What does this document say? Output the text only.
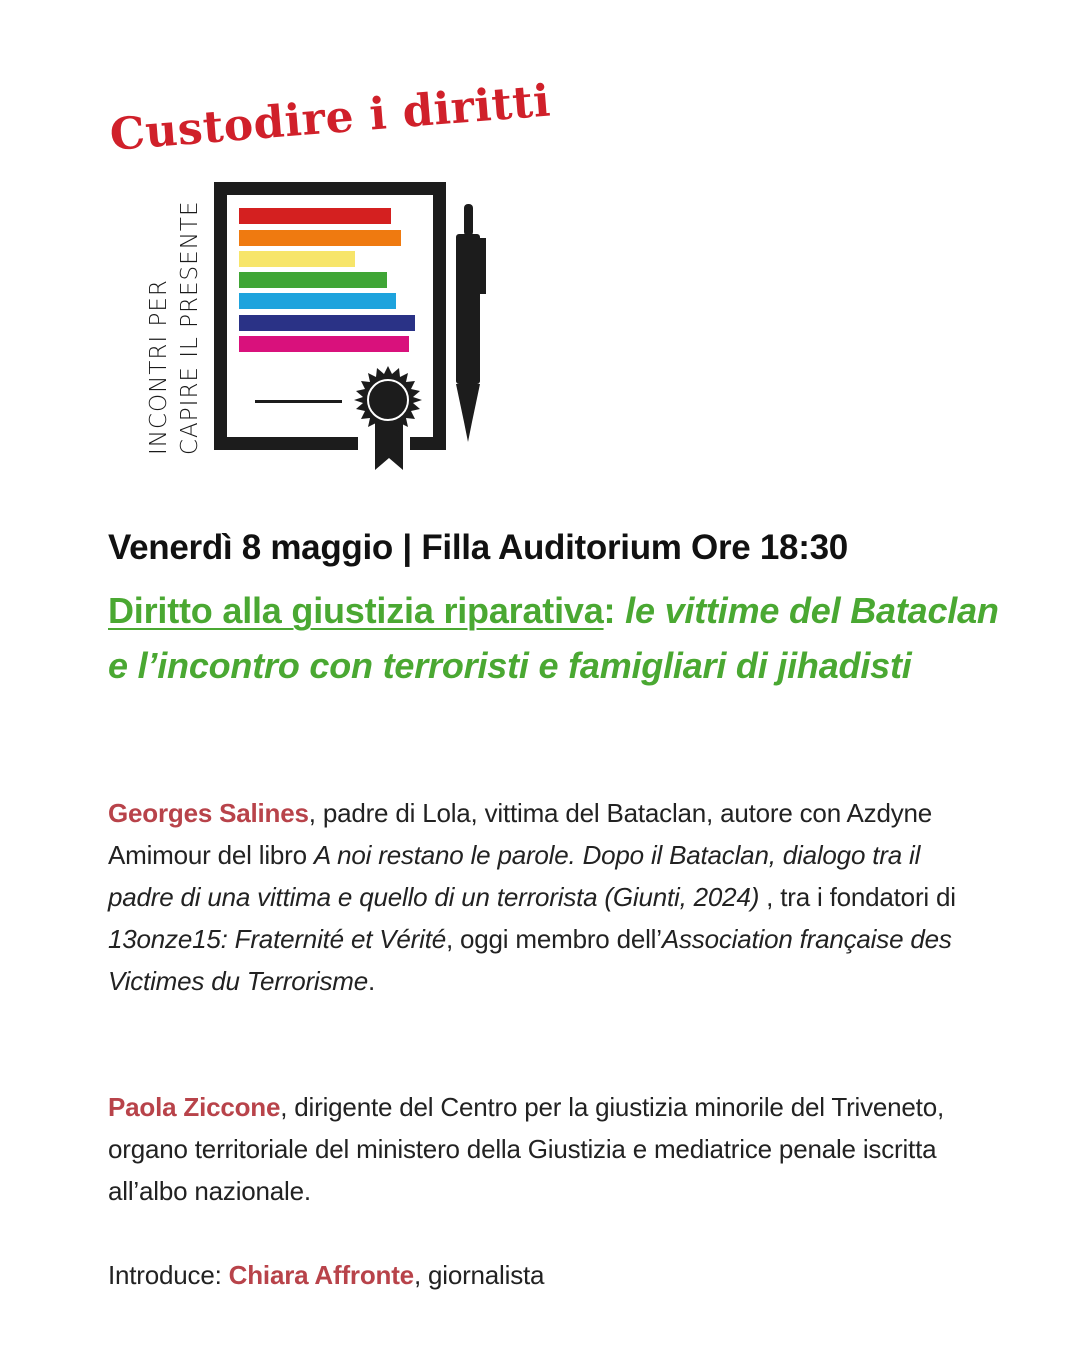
Custodire i diritti
INCONTRI PER CAPIRE IL PRESENTE
Venerdì 8 maggio | Filla Auditorium Ore 18:30
Diritto alla giustizia riparativa: le vittime del Bataclan e l’incontro con terroristi e famigliari di jihadisti
Georges Salines, padre di Lola, vittima del Bataclan, autore con Azdyne Amimour del libro A noi restano le parole. Dopo il Bataclan, dialogo tra il padre di una vittima e quello di un terrorista (Giunti, 2024) , tra i fondatori di 13onze15: Fraternité et Vérité, oggi membro dell’Association française des Victimes du Terrorisme.
Paola Ziccone, dirigente del Centro per la giustizia minorile del Triveneto, organo territoriale del ministero della Giustizia e mediatrice penale iscritta all’albo nazionale.
Introduce: Chiara Affronte, giornalista
